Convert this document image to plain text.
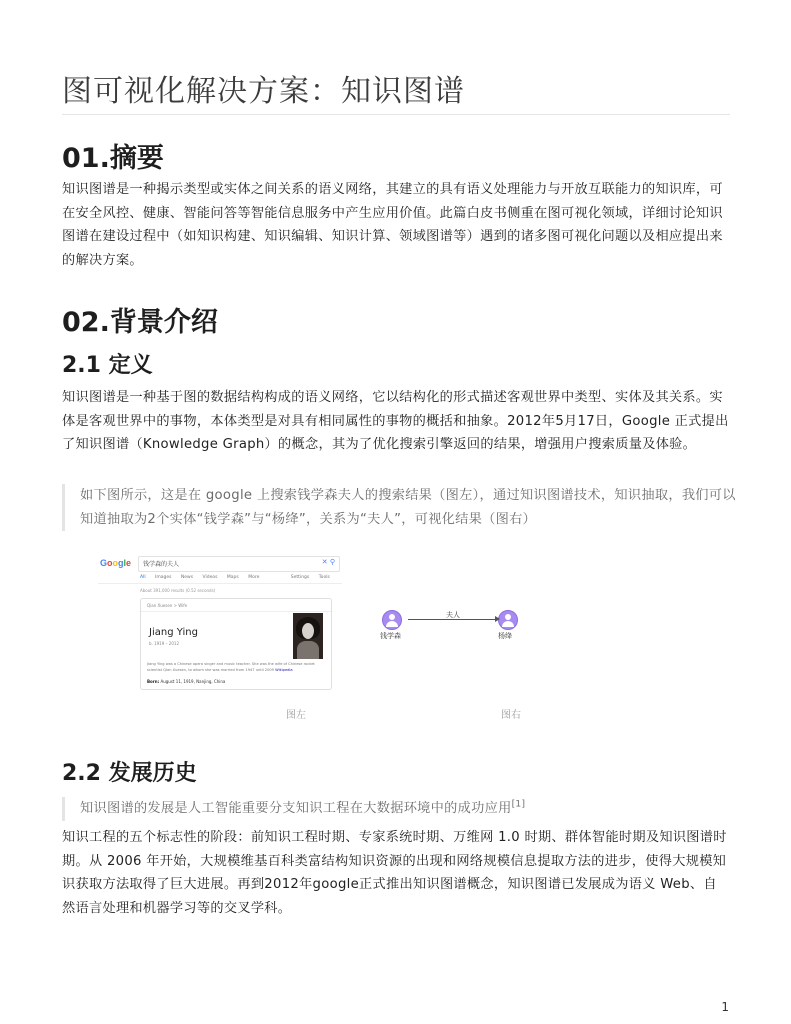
图可视化解决方案：知识图谱
01.摘要

知识图谱是一种揭示类型或实体之间关系的语义网络，其建立的具有语义处理能力与开放互联能力的知识库，可在安全风控、健康、智能问答等智能信息服务中产生应用价值。此篇白皮书侧重在图可视化领域，详细讨论知识图谱在建设过程中（如知识构建、知识编辑、知识计算、领域图谱等）遇到的诸多图可视化问题以及相应提出来的解决方案。

02.背景介绍
2.1 定义

知识图谱是一种基于图的数据结构构成的语义网络，它以结构化的形式描述客观世界中类型、实体及其关系。实体是客观世界中的事物，本体类型是对具有相同属性的事物的概括和抽象。2012年5月17日，Google 正式提出了知识图谱（Knowledge Graph）的概念，其为了优化搜索引擎返回的结果，增强用户搜索质量及体验。

如下图所示，这是在 google 上搜索钱学森夫人的搜索结果（图左），通过知识图谱技术，知识抽取，我们可以知道抽取为2个实体“钱学森”与“杨绛”，关系为“夫人”，可视化结果（图右）
2.2 发展历史
知识图谱的发展是人工智能重要分支知识工程在大数据环境中的成功应用[1]

知识工程的五个标志性的阶段：前知识工程时期、专家系统时期、万维网 1.0 时期、群体智能时期及知识图谱时期。从 2006 年开始，大规模维基百科类富结构知识资源的出现和网络规模信息提取方法的进步，使得大规模知识获取方法取得了巨大进展。再到2012年google正式推出知识图谱概念，知识图谱已发展成为语义 Web、自然语言处理和机器学习等的交叉学科。

Google 钱学森的夫人	✕ ⚲
All Images News Videos Maps More	Settings Tools
About 391,000 results (0.52 seconds)
Qian Xuesen > Wife
Jiang Ying
b. 1919 – 2012
Jiang Ying was a Chinese opera singer and music teacher. She was the wife of Chinese rocket scientist Qian Xuesen, to whom she was married from 1947 until 2009 Wikipedia
Born: August 11, 1919, Nanjing, China
图左
夫人
钱学森	杨绛
图右
1
